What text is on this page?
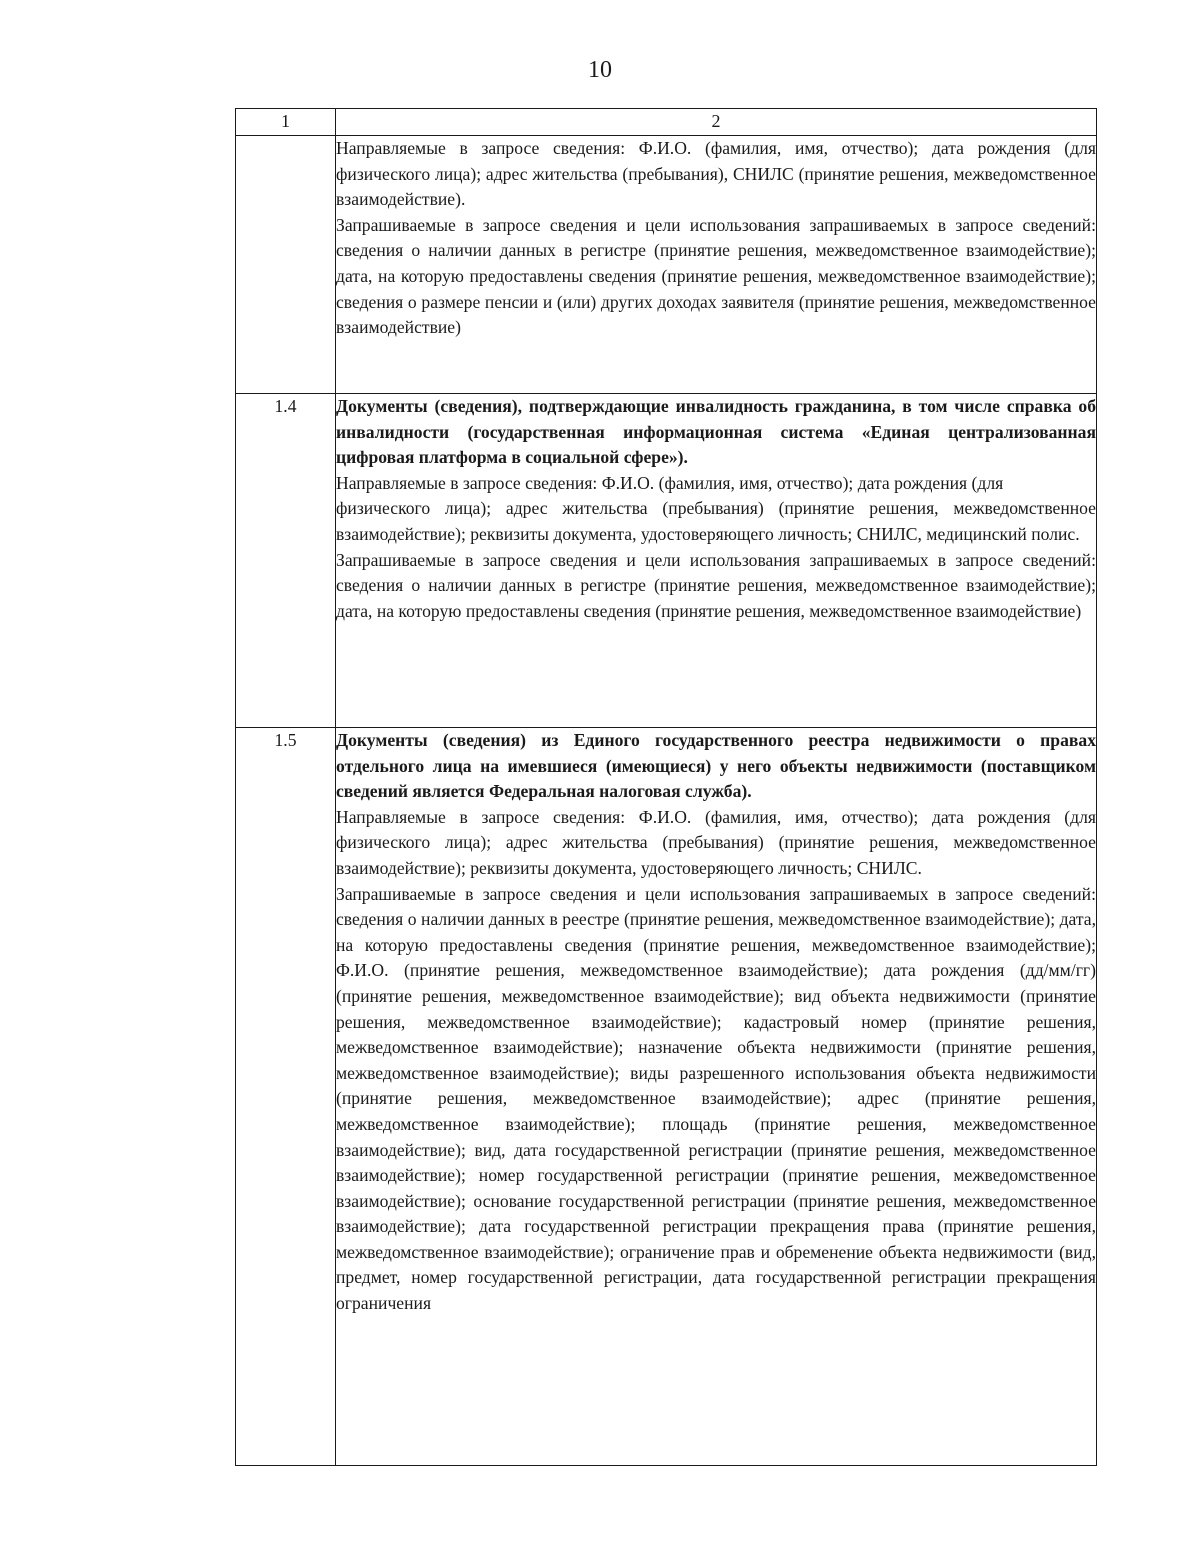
10
1	2

	Направляемые в запросе сведения: Ф.И.О. (фамилия, имя, отчество); дата рождения (для физического лица); адрес жительства (пребывания), СНИЛС (принятие решения, межведомственное взаимодействие).

Запрашиваемые в запросе сведения и цели использования запрашиваемых в запросе сведений: сведения о наличии данных в регистре (принятие решения, межведомственное взаимодействие); дата, на которую предоставлены сведения (принятие решения, межведомственное взаимодействие); сведения о размере пенсии и (или) других доходах заявителя (принятие решения, межведомственное взаимодействие)

1.4	Документы (сведения), подтверждающие инвалидность гражданина, в том числе справка об инвалидности (государственная информационная система «Единая централизованная цифровая платформа в социальной сфере»).

Направляемые в запросе сведения: Ф.И.О. (фамилия, имя, отчество); дата рождения (для

физического лица); адрес жительства (пребывания) (принятие решения, межведомственное взаимодействие); реквизиты документа, удостоверяющего личность; СНИЛС, медицинский полис.

Запрашиваемые в запросе сведения и цели использования запрашиваемых в запросе сведений: сведения о наличии данных в регистре (принятие решения, межведомственное взаимодействие); дата, на которую предоставлены сведения (принятие решения, межведомственное взаимодействие)

1.5	Документы (сведения) из Единого государственного реестра недвижимости о правах отдельного лица на имевшиеся (имеющиеся) у него объекты недвижимости (поставщиком сведений является Федеральная налоговая служба).

Направляемые в запросе сведения: Ф.И.О. (фамилия, имя, отчество); дата рождения (для физического лица); адрес жительства (пребывания) (принятие решения, межведомственное взаимодействие); реквизиты документа, удостоверяющего личность; СНИЛС.

Запрашиваемые в запросе сведения и цели использования запрашиваемых в запросе сведений: сведения о наличии данных в реестре (принятие решения, межведомственное взаимодействие); дата, на которую предоставлены сведения (принятие решения, межведомственное взаимодействие); Ф.И.О. (принятие решения, межведомственное взаимодействие); дата рождения (дд/мм/гг) (принятие решения, межведомственное взаимодействие); вид объекта недвижимости (принятие решения, межведомственное взаимодействие); кадастровый номер (принятие решения, межведомственное взаимодействие); назначение объекта недвижимости (принятие решения, межведомственное взаимодействие); виды разрешенного использования объекта недвижимости (принятие решения, межведомственное взаимодействие); адрес (принятие решения, межведомственное взаимодействие); площадь (принятие решения, межведомственное взаимодействие); вид, дата государственной регистрации (принятие решения, межведомственное взаимодействие); номер государственной регистрации (принятие решения, межведомственное взаимодействие); основание государственной регистрации (принятие решения, межведомственное взаимодействие); дата государственной регистрации прекращения права (принятие решения, межведомственное взаимодействие); ограничение прав и обременение объекта недвижимости (вид, предмет, номер государственной регистрации, дата государственной регистрации прекращения ограничения
